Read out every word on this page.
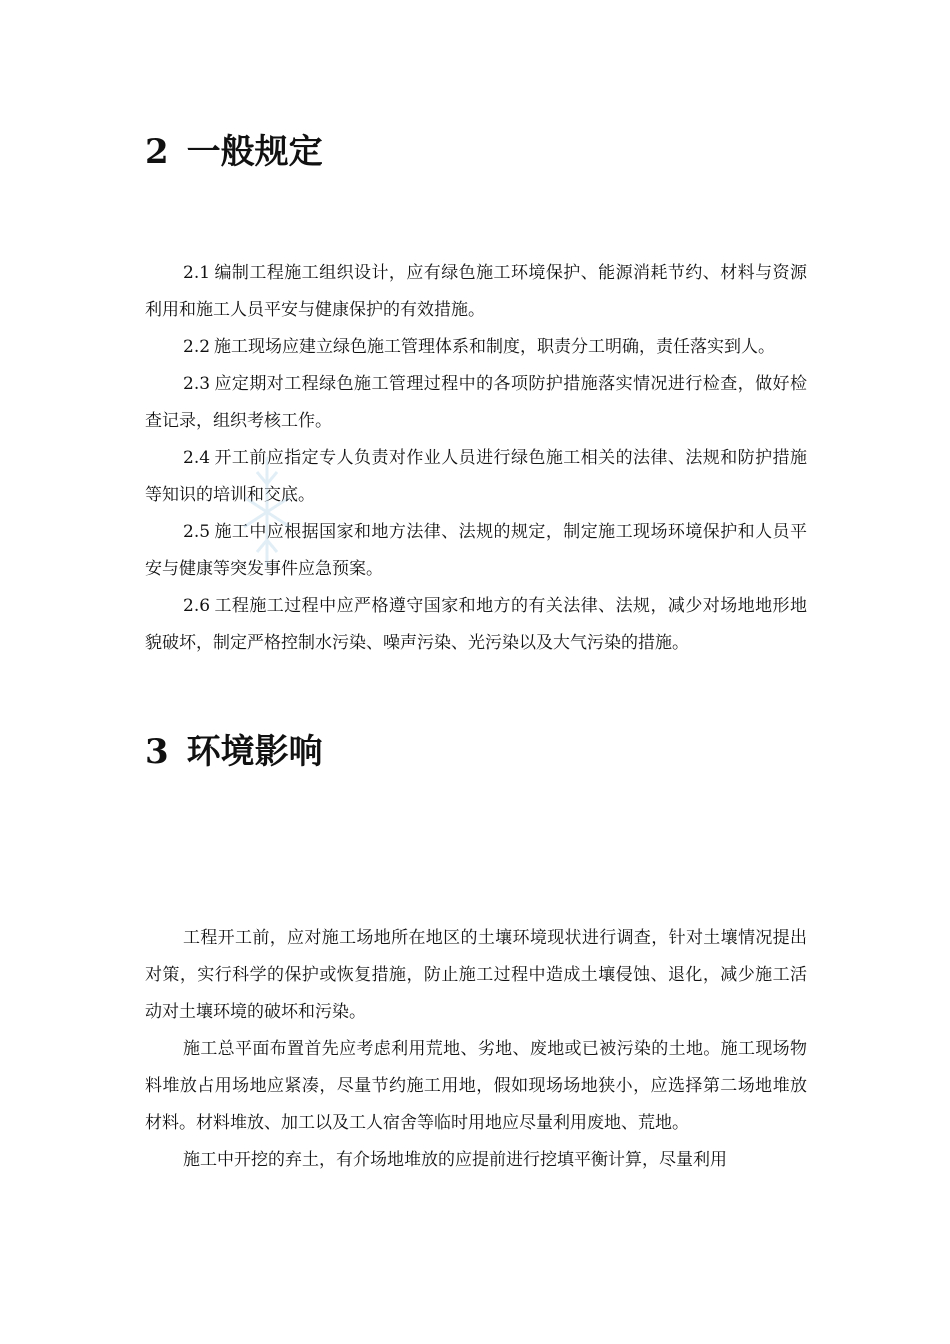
2 一般规定

2.1 编制工程施工组织设计，应有绿色施工环境保护、能源消耗节约、材料与资源利用和施工人员平安与健康保护的有效措施。

2.2 施工现场应建立绿色施工管理体系和制度，职责分工明确，责任落实到人。

2.3 应定期对工程绿色施工管理过程中的各项防护措施落实情况进行检查，做好检查记录，组织考核工作。

2.4 开工前应指定专人负责对作业人员进行绿色施工相关的法律、法规和防护措施等知识的培训和交底。

2.5 施工中应根据国家和地方法律、法规的规定，制定施工现场环境保护和人员平安与健康等突发事件应急预案。

2.6 工程施工过程中应严格遵守国家和地方的有关法律、法规，减少对场地地形地貌破坏，制定严格控制水污染、噪声污染、光污染以及大气污染的措施。

3 环境影响

工程开工前，应对施工场地所在地区的土壤环境现状进行调查，针对土壤情况提出对策，实行科学的保护或恢复措施，防止施工过程中造成土壤侵蚀、退化，减少施工活动对土壤环境的破坏和污染。

施工总平面布置首先应考虑利用荒地、劣地、废地或已被污染的土地。施工现场物料堆放占用场地应紧凑，尽量节约施工用地，假如现场场地狭小，应选择第二场地堆放材料。材料堆放、加工以及工人宿舍等临时用地应尽量利用废地、荒地。

施工中开挖的弃土，有介场地堆放的应提前进行挖填平衡计算，尽量利用
